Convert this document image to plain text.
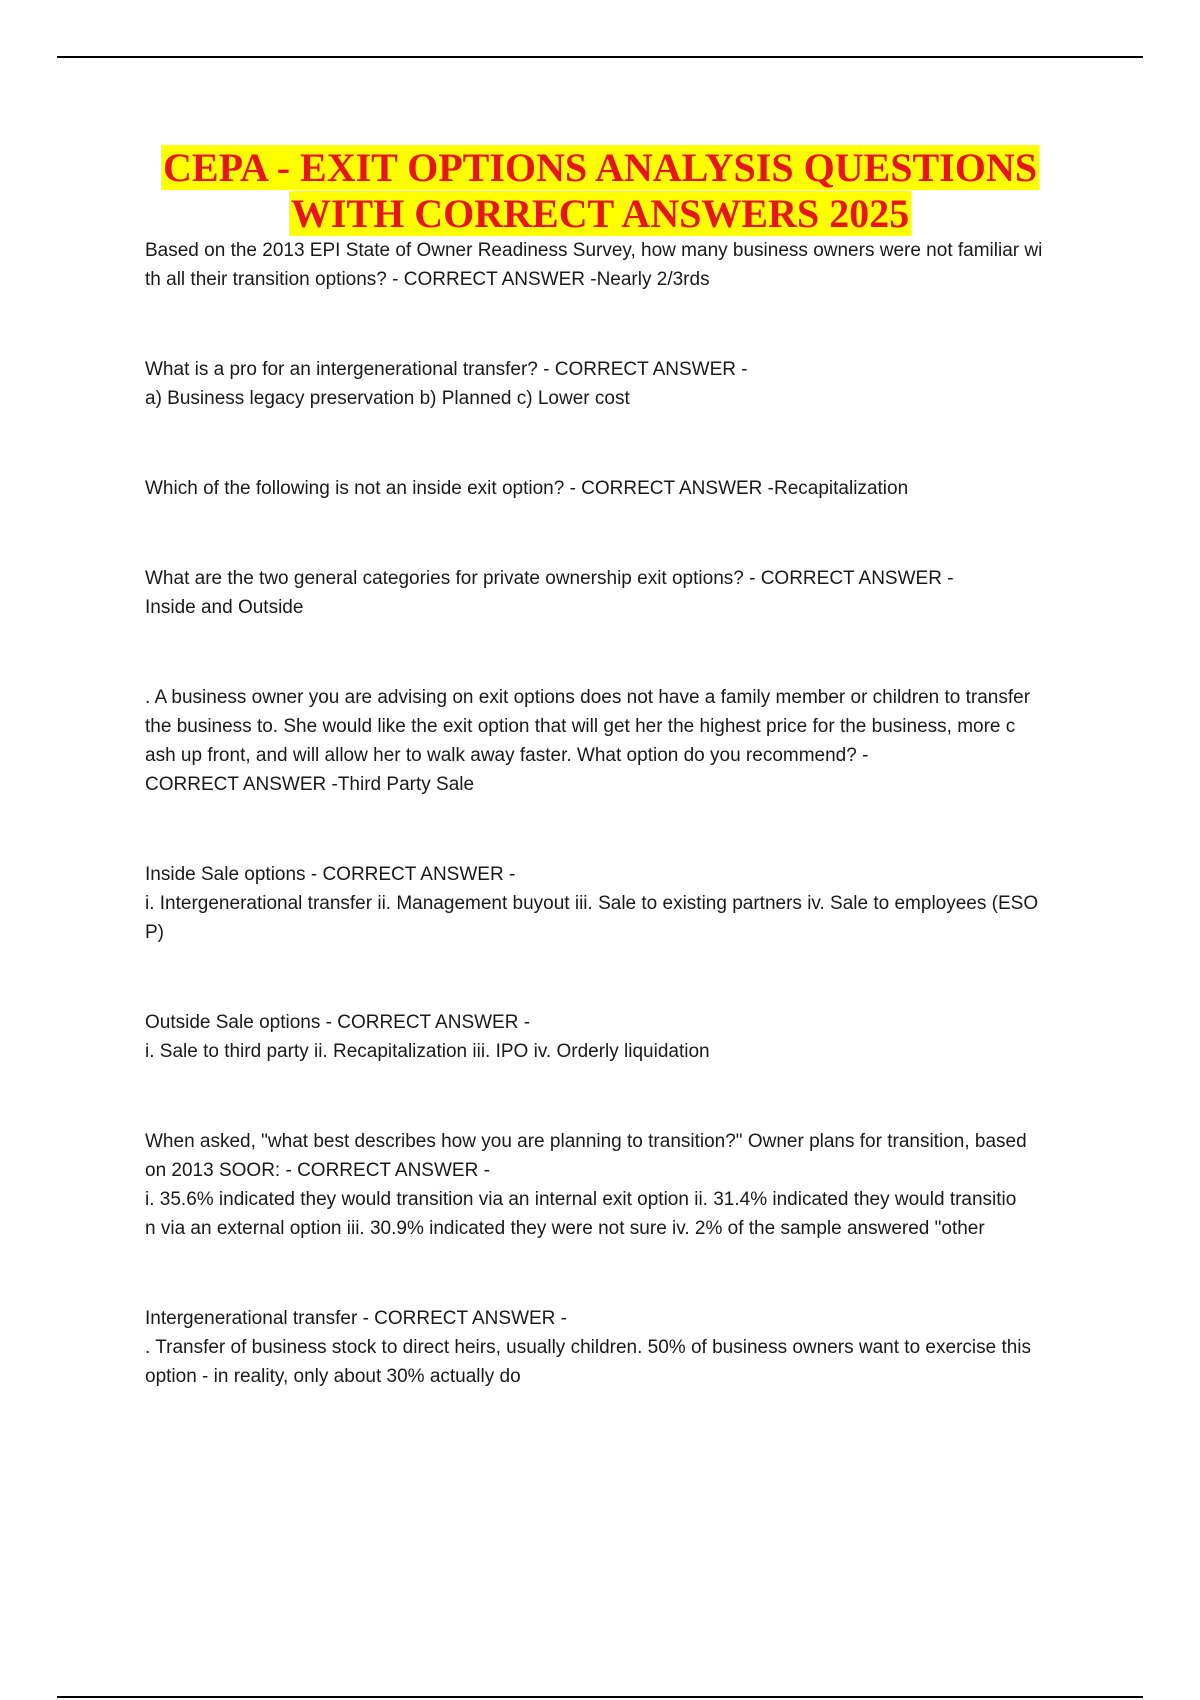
CEPA - EXIT OPTIONS ANALYSIS QUESTIONS
WITH CORRECT ANSWERS 2025

Based on the 2013 EPI State of Owner Readiness Survey, how many business owners were not familiar wi

th all their transition options? - CORRECT ANSWER -Nearly 2/3rds

What is a pro for an intergenerational transfer? - CORRECT ANSWER -

a) Business legacy preservation b) Planned c) Lower cost

Which of the following is not an inside exit option? - CORRECT ANSWER -Recapitalization

What are the two general categories for private ownership exit options? - CORRECT ANSWER -

Inside and Outside

. A business owner you are advising on exit options does not have a family member or children to transfer

the business to. She would like the exit option that will get her the highest price for the business, more c

ash up front, and will allow her to walk away faster. What option do you recommend? -

CORRECT ANSWER -Third Party Sale

Inside Sale options - CORRECT ANSWER -

i. Intergenerational transfer ii. Management buyout iii. Sale to existing partners iv. Sale to employees (ESO

P)

Outside Sale options - CORRECT ANSWER -

i. Sale to third party ii. Recapitalization iii. IPO iv. Orderly liquidation

When asked, "what best describes how you are planning to transition?" Owner plans for transition, based

on 2013 SOOR: - CORRECT ANSWER -

i. 35.6% indicated they would transition via an internal exit option ii. 31.4% indicated they would transitio

n via an external option iii. 30.9% indicated they were not sure iv. 2% of the sample answered "other

Intergenerational transfer - CORRECT ANSWER -

. Transfer of business stock to direct heirs, usually children. 50% of business owners want to exercise this

option - in reality, only about 30% actually do
